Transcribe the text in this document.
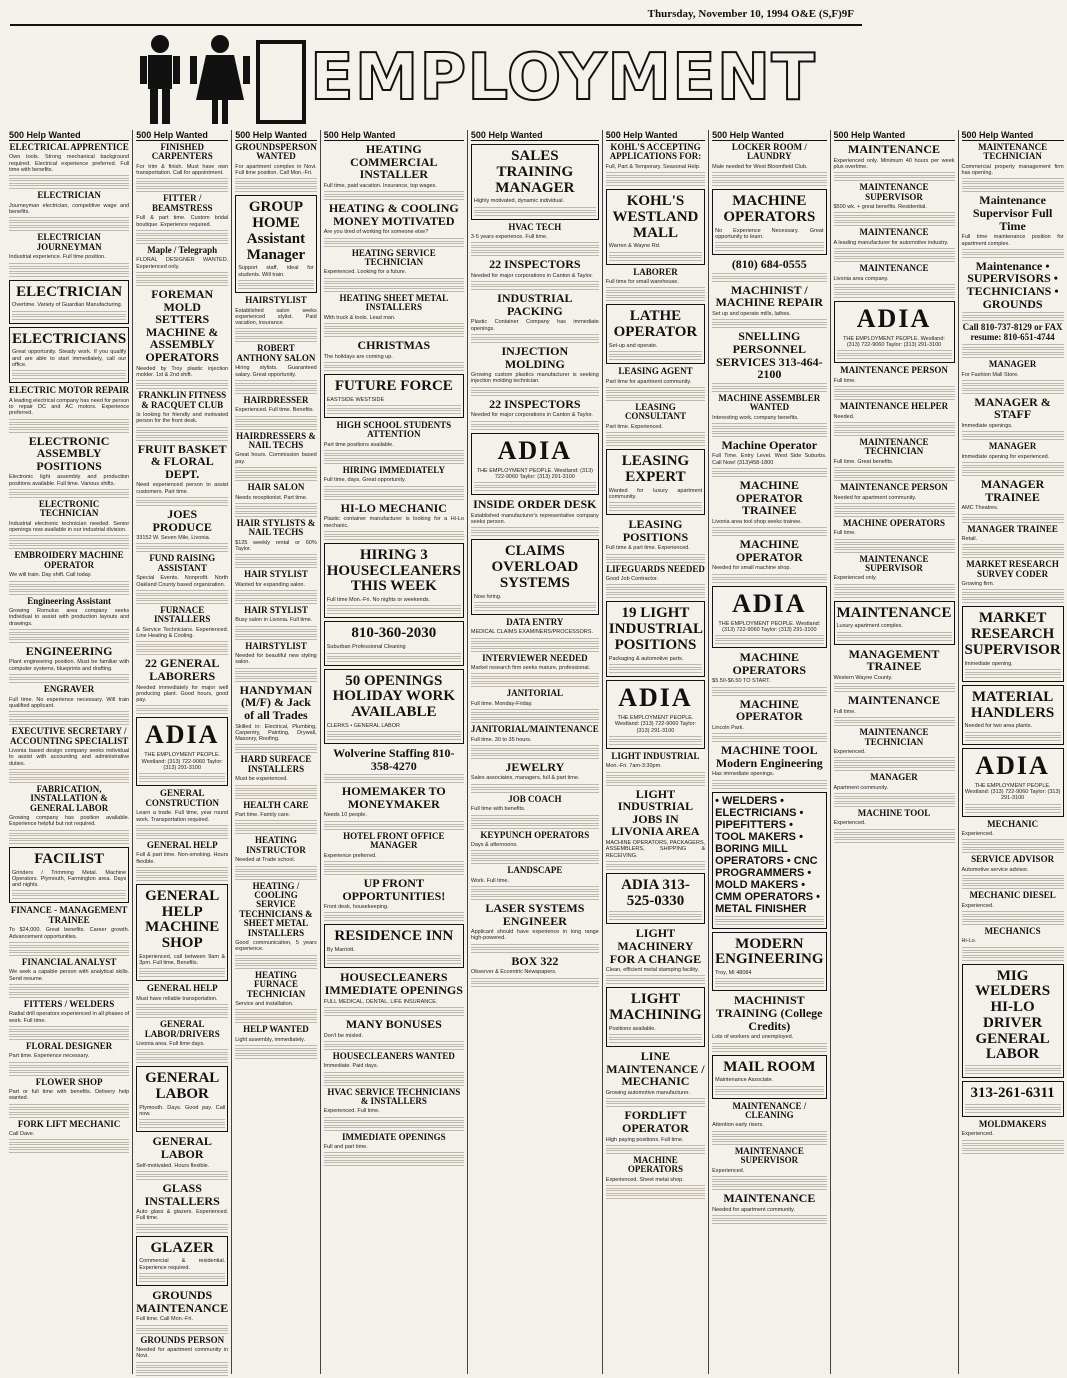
Thursday, November 10, 1994 O&E (S,F)9F
EMPLOYMENT
500 Help Wanted
ELECTRICAL APPRENTICE
Own tools. Strong mechanical background required. Electrical experience preferred. Full time with benefits.
ELECTRICIAN
Journeyman electrician, competitive wage and benefits.
ELECTRICIAN JOURNEYMAN
Industrial experience. Full time position.
ELECTRICIAN
Overtime. Variety of Guardian Manufacturing.
ELECTRICIANS
Great opportunity. Steady work. If you qualify and are able to start immediately, call our office.
ELECTRIC MOTOR REPAIR
A leading electrical company has need for person to repair DC and AC motors. Experience preferred.
ELECTRONIC ASSEMBLY POSITIONS
Electronic light assembly and production positions available. Full time. Various shifts.
ELECTRONIC TECHNICIAN
Industrial electronic technician needed. Senior openings now available in our industrial division.
EMBROIDERY MACHINE OPERATOR
We will train. Day shift. Call today.
Engineering Assistant
Growing Romulus area company seeks individual to assist with production layouts and drawings.
ENGINEERING
Plant engineering position. Must be familiar with computer systems, blueprints and drafting.
ENGRAVER
Full time. No experience necessary. Will train qualified applicant.
EXECUTIVE SECRETARY / ACCOUNTING SPECIALIST
Livonia based design company seeks individual to assist with accounting and administrative duties.
FABRICATION, INSTALLATION & GENERAL LABOR
Growing company has position available. Experience helpful but not required.
FACILIST
Grinders / Trimming Metal. Machine Operators. Plymouth, Farmington area. Days and nights.
FINANCE - MANAGEMENT TRAINEE
To $24,000. Great benefits. Career growth. Advancement opportunities.
FINANCIAL ANALYST
We seek a capable person with analytical skills. Send resume.
FITTERS / WELDERS
Radial drill operators experienced in all phases of work. Full time.
FLORAL DESIGNER
Part time. Experience necessary.
FLOWER SHOP
Part or full time with benefits. Delivery help wanted.
FORK LIFT MECHANIC
Call Dave.
500 Help Wanted
FINISHED CARPENTERS
For trim & finish. Must have own transportation. Call for appointment.
FITTER / BEAMSTRESS
Full & part time. Custom bridal boutique. Experience required.
Maple / Telegraph
FLORAL DESIGNER WANTED. Experienced only.
FOREMAN MOLD SETTERS MACHINE & ASSEMBLY OPERATORS
Needed by Troy plastic injection molder. 1st & 2nd shift.
FRANKLIN FITNESS & RACQUET CLUB
Is looking for friendly and motivated person for the front desk.
FRUIT BASKET & FLORAL DEPT.
Need experienced person to assist customers. Part time.
JOES PRODUCE
33152 W. Seven Mile, Livonia.
FUND RAISING ASSISTANT
Special Events. Nonprofit. North Oakland County based organization.
FURNACE INSTALLERS
& Service Technicians. Experienced. Line Heating & Cooling.
22 GENERAL LABORERS
Needed immediately for major well producing plant. Good hours, good pay.
ADIA
THE EMPLOYMENT PEOPLE. Westland: (313) 722-9060 Taylor: (313) 291-3100
GENERAL CONSTRUCTION
Learn a trade. Full time, year round work. Transportation required.
GENERAL HELP
Full & part time. Non-smoking. Hours flexible.
GENERAL HELP MACHINE SHOP
Experienced, call between 9am & 3pm. Full time, Benefits.
GENERAL HELP
Must have reliable transportation.
GENERAL LABOR/DRIVERS
Livonia area. Full time days.
GENERAL LABOR
Plymouth. Days. Good pay. Call now.
GENERAL LABOR
Self-motivated. Hours flexible.
GLASS INSTALLERS
Auto glass & glazers. Experienced. Full time.
GLAZER
Commercial & residential. Experience required.
GROUNDS MAINTENANCE
Full time. Call Mon.-Fri.
GROUNDS PERSON
Needed for apartment community in Novi.
500 Help Wanted
GROUNDSPERSON WANTED
For apartment complex in Novi. Full time position. Call Mon.-Fri.
GROUP HOME Assistant Manager
Support staff, ideal for students. Will train.
HAIRSTYLIST
Established salon seeks experienced stylist. Paid vacation, insurance.
ROBERT ANTHONY SALON
Hiring stylists. Guaranteed salary. Great opportunity.
HAIRDRESSER
Experienced. Full time. Benefits.
HAIRDRESSERS & NAIL TECHS
Great hours. Commission based pay.
HAIR SALON
Needs receptionist. Part time.
HAIR STYLISTS & NAIL TECHS
$125 weekly rental or 60% Taylor.
HAIR STYLIST
Wanted for expanding salon.
HAIR STYLIST
Busy salon in Livonia. Full time.
HAIRSTYLIST
Needed for beautiful new styling salon.
HANDYMAN (M/F) & Jack of all Trades
Skilled in: Electrical, Plumbing, Carpentry, Painting, Drywall, Masonry, Roofing.
HARD SURFACE INSTALLERS
Must be experienced.
HEALTH CARE
Part time. Family care.
HEATING INSTRUCTOR
Needed at Trade school.
HEATING / COOLING SERVICE TECHNICIANS & SHEET METAL INSTALLERS
Good communication, 5 years experience.
HEATING FURNACE TECHNICIAN
Service and installation.
HELP WANTED
Light assembly, immediately.
500 Help Wanted
HEATING COMMERCIAL INSTALLER
Full time, paid vacation. Insurance, top wages.
HEATING & COOLING MONEY MOTIVATED
Are you tired of working for someone else?
HEATING SERVICE TECHNICIAN
Experienced. Looking for a future.
HEATING SHEET METAL INSTALLERS
With truck & tools. Lead man.
CHRISTMAS
The holidays are coming up.
FUTURE FORCE
EASTSIDE WESTSIDE
HIGH SCHOOL STUDENTS ATTENTION
Part time positions available.
HIRING IMMEDIATELY
Full time, days. Great opportunity.
HI-LO MECHANIC
Plastic container manufacturer is looking for a Hi-Lo mechanic.
HIRING 3 HOUSECLEANERS THIS WEEK
Full time Mon.-Fri. No nights or weekends.
810-360-2030
Suburban Professional Cleaning
50 OPENINGS HOLIDAY WORK AVAILABLE
CLERKS • GENERAL LABOR
Wolverine Staffing 810-358-4270
HOMEMAKER TO MONEYMAKER
Needs 10 people.
HOTEL FRONT OFFICE MANAGER
Experience preferred.
UP FRONT OPPORTUNITIES!
Front desk, housekeeping.
RESIDENCE INN
By Marriott.
HOUSECLEANERS IMMEDIATE OPENINGS
FULL MEDICAL, DENTAL, LIFE INSURANCE.
MANY BONUSES
Don't be misled.
HOUSECLEANERS WANTED
Immediate. Paid days.
HVAC SERVICE TECHNICIANS & INSTALLERS
Experienced. Full time.
IMMEDIATE OPENINGS
Full and part time.
500 Help Wanted
SALES TRAINING MANAGER
Highly motivated, dynamic individual.
HVAC TECH
3-5 years experience. Full time.
22 INSPECTORS
Needed for major corporations in Canton & Taylor.
INDUSTRIAL PACKING
Plastic Container Company has immediate openings.
INJECTION MOLDING
Growing custom plastics manufacturer is seeking injection molding technician.
22 INSPECTORS
Needed for major corporations in Canton & Taylor.
ADIA
THE EMPLOYMENT PEOPLE. Westland: (313) 722-9060 Taylor: (313) 291-3100
INSIDE ORDER DESK
Established manufacturer's representative company seeks person.
CLAIMS OVERLOAD SYSTEMS
Now hiring.
DATA ENTRY
MEDICAL CLAIMS EXAMINERS/PROCESSORS.
INTERVIEWER NEEDED
Market research firm seeks mature, professional.
JANITORIAL
Full time. Monday-Friday.
JANITORIAL/MAINTENANCE
Full time. 30 to 35 hours.
JEWELRY
Sales associates, managers, full & part time.
JOB COACH
Full time with benefits.
KEYPUNCH OPERATORS
Days & afternoons.
LANDSCAPE
Work. Full time.
LASER SYSTEMS ENGINEER
Applicant should have experience in long range high-powered.
BOX 322
Observer & Eccentric Newspapers.
500 Help Wanted
KOHL'S ACCEPTING APPLICATIONS FOR:
Full, Part & Temporary. Seasonal Help.
KOHL'S WESTLAND MALL
Warren & Wayne Rd.
LABORER
Full time for small warehouse.
LATHE OPERATOR
Set-up and operate.
LEASING AGENT
Part time for apartment community.
LEASING CONSULTANT
Part time. Experienced.
LEASING EXPERT
Wanted for luxury apartment community.
LEASING POSITIONS
Full time & part time. Experienced.
LIFEGUARDS NEEDED
Good Job Contractor.
19 LIGHT INDUSTRIAL POSITIONS
Packaging & automotive parts.
ADIA
THE EMPLOYMENT PEOPLE. Westland: (313) 722-9060 Taylor: (313) 291-3100
LIGHT INDUSTRIAL
Mon.-Fri. 7am-3:30pm.
LIGHT INDUSTRIAL JOBS IN LIVONIA AREA
MACHINE OPERATORS, PACKAGERS, ASSEMBLERS, SHIPPING & RECEIVING.
ADIA 313-525-0330
LIGHT MACHINERY FOR A CHANGE
Clean, efficient metal stamping facility.
LIGHT MACHINING
Positions available.
LINE MAINTENANCE / MECHANIC
Growing automotive manufacturer.
FORDLIFT OPERATOR
High paying positions. Full time.
MACHINE OPERATORS
Experienced. Sheet metal shop.
500 Help Wanted
LOCKER ROOM / LAUNDRY
Male needed for West Bloomfield Club.
MACHINE OPERATORS
No Experience Necessary. Great opportunity to learn.
(810) 684-0555
MACHINIST / MACHINE REPAIR
Set up and operate mills, lathes.
SNELLING PERSONNEL SERVICES 313-464-2100
MACHINE ASSEMBLER WANTED
Interesting work, company benefits.
Machine Operator
Full Time. Entry Level. West Side Suburbs. Call Now! (313)458-1800
MACHINE OPERATOR TRAINEE
Livonia area tool shop seeks trainee.
MACHINE OPERATOR
Needed for small machine shop.
ADIA
THE EMPLOYMENT PEOPLE. Westland: (313) 722-9060 Taylor: (313) 291-3100
MACHINE OPERATORS
$5.50-$6.50 TO START.
MACHINE OPERATOR
Lincoln Park.
MACHINE TOOL Modern Engineering
Has immediate openings.
• WELDERS • ELECTRICIANS • PIPEFITTERS • TOOL MAKERS • BORING MILL OPERATORS • CNC PROGRAMMERS • MOLD MAKERS • CMM OPERATORS • METAL FINISHER
MODERN ENGINEERING
Troy, MI 48084
MACHINIST TRAINING (College Credits)
Lots of workers and unemployed.
MAIL ROOM
Maintenance Associate.
MAINTENANCE / CLEANING
Attention early risers.
MAINTENANCE SUPERVISOR
Experienced.
MAINTENANCE
Needed for apartment community.
500 Help Wanted
MAINTENANCE
Experienced only. Minimum 40 hours per week plus overtime.
MAINTENANCE SUPERVISOR
$500 wk. + great benefits. Residential.
MAINTENANCE
A leading manufacturer for automotive industry.
MAINTENANCE
Livonia area company.
ADIA
THE EMPLOYMENT PEOPLE. Westland: (313) 722-9060 Taylor: (313) 291-3100
MAINTENANCE PERSON
Full time.
MAINTENANCE HELPER
Needed.
MAINTENANCE TECHNICIAN
Full time. Great benefits.
MAINTENANCE PERSON
Needed for apartment community.
MACHINE OPERATORS
Full time.
MAINTENANCE SUPERVISOR
Experienced only.
MAINTENANCE
Luxury apartment complex.
MANAGEMENT TRAINEE
Western Wayne County.
MAINTENANCE
Full time.
MAINTENANCE TECHNICIAN
Experienced.
MANAGER
Apartment community.
MACHINE TOOL
Experienced.
500 Help Wanted
MAINTENANCE TECHNICIAN
Commercial property management firm has opening.
Maintenance Supervisor Full Time
Full time maintenance position for apartment complex.
Maintenance • SUPERVISORS • TECHNICIANS • GROUNDS
Call 810-737-8129 or FAX resume: 810-651-4744
MANAGER
For Fashion Mall Store.
MANAGER & STAFF
Immediate openings.
MANAGER
Immediate opening for experienced.
MANAGER TRAINEE
AMC Theatres.
MANAGER TRAINEE
Retail.
MARKET RESEARCH SURVEY CODER
Growing firm.
MARKET RESEARCH SUPERVISOR
Immediate opening.
MATERIAL HANDLERS
Needed for two area plants.
ADIA
THE EMPLOYMENT PEOPLE. Westland: (313) 722-9060 Taylor: (313) 291-3100
MECHANIC
Experienced.
SERVICE ADVISOR
Automotive service advisor.
MECHANIC DIESEL
Experienced.
MECHANICS
Hi-Lo.
MIG WELDERS HI-LO DRIVER GENERAL LABOR
313-261-6311
MOLDMAKERS
Experienced.
